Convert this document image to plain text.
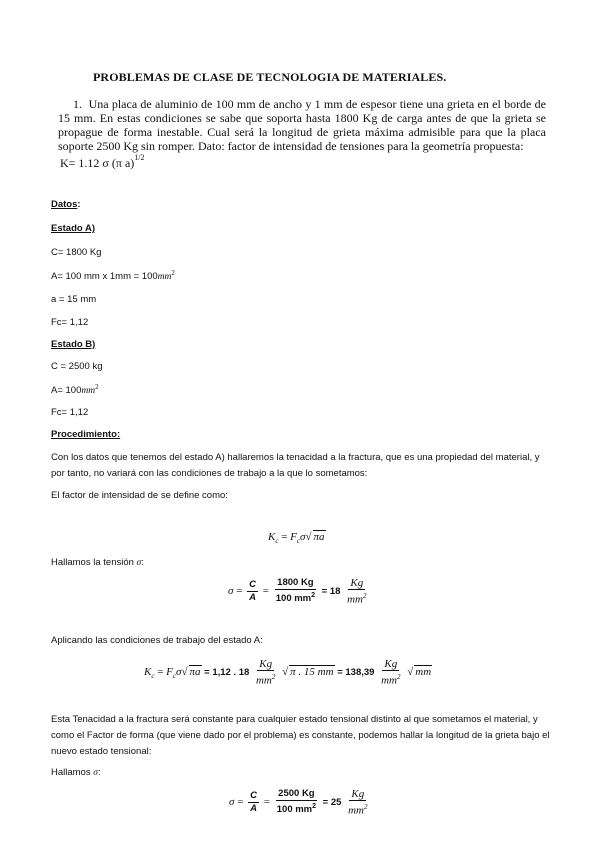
PROBLEMAS DE CLASE DE TECNOLOGIA DE MATERIALES.
1. Una placa de aluminio de 100 mm de ancho y 1 mm de espesor tiene una grieta en el borde de 15 mm. En estas condiciones se sabe que soporta hasta 1800 Kg de carga antes de que la grieta se propague de forma inestable. Cual será la longitud de grieta máxima admisible para que la placa soporte 2500 Kg sin romper. Dato: factor de intensidad de tensiones para la geometría propuesta:
K= 1.12 σ (π a)$^{1/2}$
Datos:
Estado A)
C= 1800 Kg
A= 100 mm x $1mm = 100mm^2$
a = 15 mm
Fc= 1,12
Estado B)
C = 2500 kg
$A= 100mm^2$
Fc= 1,12
Procedimiento:
Con los datos que tenemos del estado A) hallaremos la tenacidad a la fractura, que es una propiedad del material, y por tanto, no variará con las condiciones de trabajo a la que lo sometamos:
El factor de intensidad de se define como:
$K_c = F_c\sigma√$ πa
Hallamos la tensión σ:
$\sigma = \frac{C}{A} = \frac{1800 Kg}{100 mm^2} = 18 \frac{Kg}{mm^2}$
Aplicando las condiciones de trabajo del estado A:
$K_c = F_c\sigma√$ πa = 1,12 . $18 \frac{Kg}{mm^2}$ √ π . 15 mm = $138,39 \frac{Kg}{mm^2}$ √ mm
Esta Tenacidad a la fractura será constante para cualquier estado tensional distinto al que sometamos el material, y como el Factor de forma (que viene dado por el problema) es constante, podemos hallar la longitud de la grieta bajo el nuevo estado tensional:
Hallamos σ:
$\sigma = \frac{C}{A} = \frac{2500 Kg}{100 mm^2} = 25 \frac{Kg}{mm^2}$
